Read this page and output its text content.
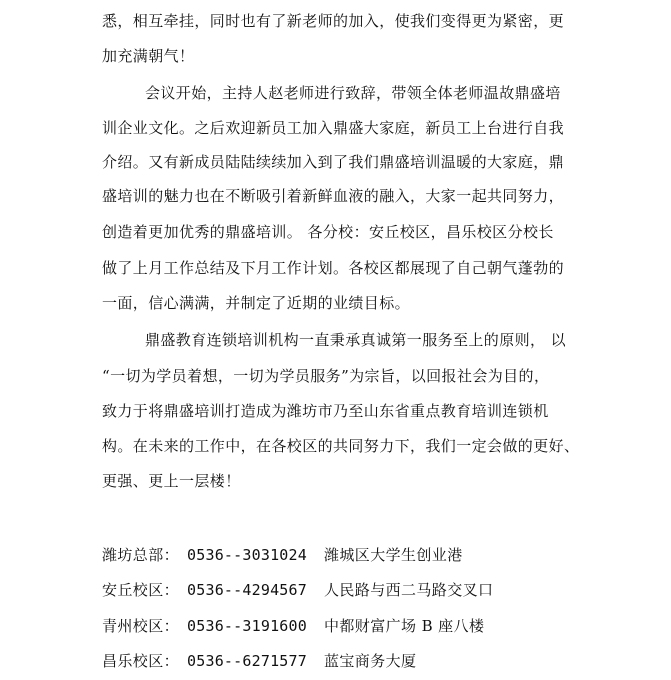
悉，相互牵挂，同时也有了新老师的加入，使我们变得更为紧密，更
加充满朝气！
会议开始，主持人赵老师进行致辞，带领全体老师温故鼎盛培
训企业文化。之后欢迎新员工加入鼎盛大家庭，新员工上台进行自我
介绍。又有新成员陆陆续续加入到了我们鼎盛培训温暖的大家庭，鼎
盛培训的魅力也在不断吸引着新鲜血液的融入，大家一起共同努力，
创造着更加优秀的鼎盛培训。 各分校：安丘校区，昌乐校区分校长
做了上月工作总结及下月工作计划。各校区都展现了自己朝气蓬勃的
一面，信心满满，并制定了近期的业绩目标。
鼎盛教育连锁培训机构一直秉承真诚第一服务至上的原则， 以
“一切为学员着想，一切为学员服务”为宗旨，以回报社会为目的，
致力于将鼎盛培训打造成为潍坊市乃至山东省重点教育培训连锁机
构。在未来的工作中，在各校区的共同努力下，我们一定会做的更好、
更强、更上一层楼！
潍坊总部： 0536--3031024 潍城区大学生创业港
安丘校区： 0536--4294567 人民路与西二马路交叉口
青州校区： 0536--3191600 中都财富广场 B 座八楼
昌乐校区： 0536--6271577 蓝宝商务大厦
